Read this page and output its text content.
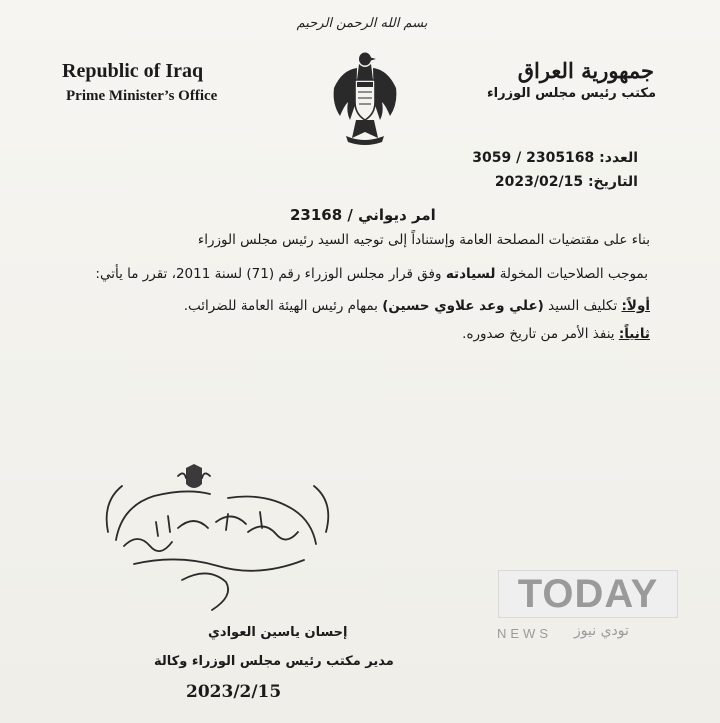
بسم الله الرحمن الرحيم
Republic of Iraq
Prime Minister’s Office
جمهورية العراق
مكتب رئيس مجلس الوزراء
العدد: 2305168 / 3059
التاريخ: 2023/02/15
امر ديواني / 23168
بناء على مقتضيات المصلحة العامة وإستناداً إلى توجيه السيد رئيس مجلس الوزراء
بموجب الصلاحيات المخولة لسيادته وفق قرار مجلس الوزراء رقم (71) لسنة 2011، تقرر ما يأتي:
أولاً: تكليف السيد (علي وعد علاوي حسين) بمهام رئيس الهيئة العامة للضرائب.
ثانياً: ينفذ الأمر من تاريخ صدوره.
إحسان ياسين العوادي
مدير مكتب رئيس مجلس الوزراء وكالة
2023/2/15
TODAY
NEWS تودي نيوز
